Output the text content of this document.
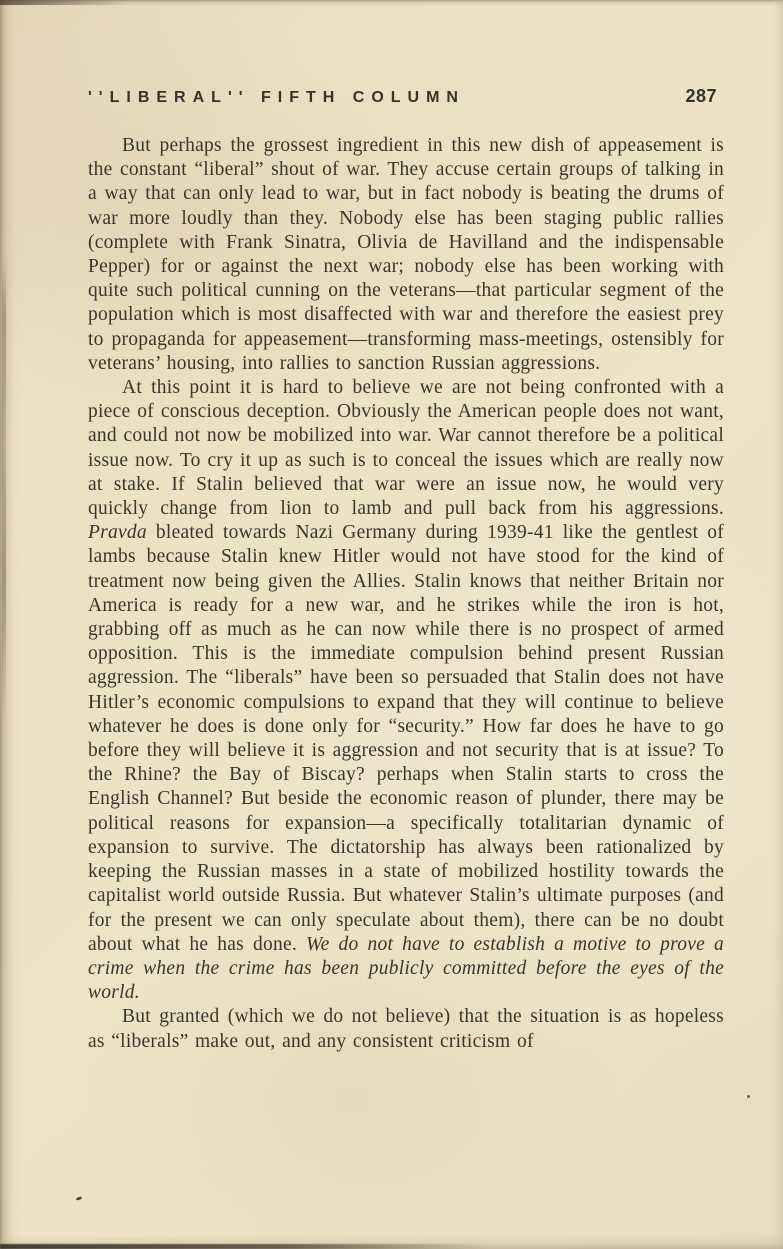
''LIBERAL'' FIFTH COLUMN	287

But perhaps the grossest ingredient in this new dish of appeasement is the constant “liberal” shout of war. They accuse certain groups of talking in a way that can only lead to war, but in fact nobody is beating the drums of war more loudly than they. Nobody else has been staging public rallies (complete with Frank Sinatra, Olivia de Havilland and the indispensable Pepper) for or against the next war; nobody else has been working with quite such political cunning on the veterans—that particular segment of the population which is most disaffected with war and therefore the easiest prey to propaganda for appeasement—transforming mass-meetings, ostensibly for veterans’ housing, into rallies to sanction Russian aggressions.

At this point it is hard to believe we are not being confronted with a piece of conscious deception. Obviously the American people does not want, and could not now be mobilized into war. War cannot therefore be a political issue now. To cry it up as such is to conceal the issues which are really now at stake. If Stalin believed that war were an issue now, he would very quickly change from lion to lamb and pull back from his aggressions. Pravda bleated towards Nazi Germany during 1939-41 like the gentlest of lambs because Stalin knew Hitler would not have stood for the kind of treatment now being given the Allies. Stalin knows that neither Britain nor America is ready for a new war, and he strikes while the iron is hot, grabbing off as much as he can now while there is no prospect of armed opposition. This is the immediate compulsion behind present Russian aggression. The “liberals” have been so persuaded that Stalin does not have Hitler’s economic compulsions to expand that they will continue to believe whatever he does is done only for “security.” How far does he have to go before they will believe it is aggression and not security that is at issue? To the Rhine? the Bay of Biscay? perhaps when Stalin starts to cross the English Channel? But beside the economic reason of plunder, there may be political reasons for expansion—a specifically totalitarian dynamic of expansion to survive. The dictatorship has always been rationalized by keeping the Russian masses in a state of mobilized hostility towards the capitalist world outside Russia. But whatever Stalin’s ultimate purposes (and for the present we can only speculate about them), there can be no doubt about what he has done. We do not have to establish a motive to prove a crime when the crime has been publicly committed before the eyes of the world.

But granted (which we do not believe) that the situation is as hopeless as “liberals” make out, and any consistent criticism of
